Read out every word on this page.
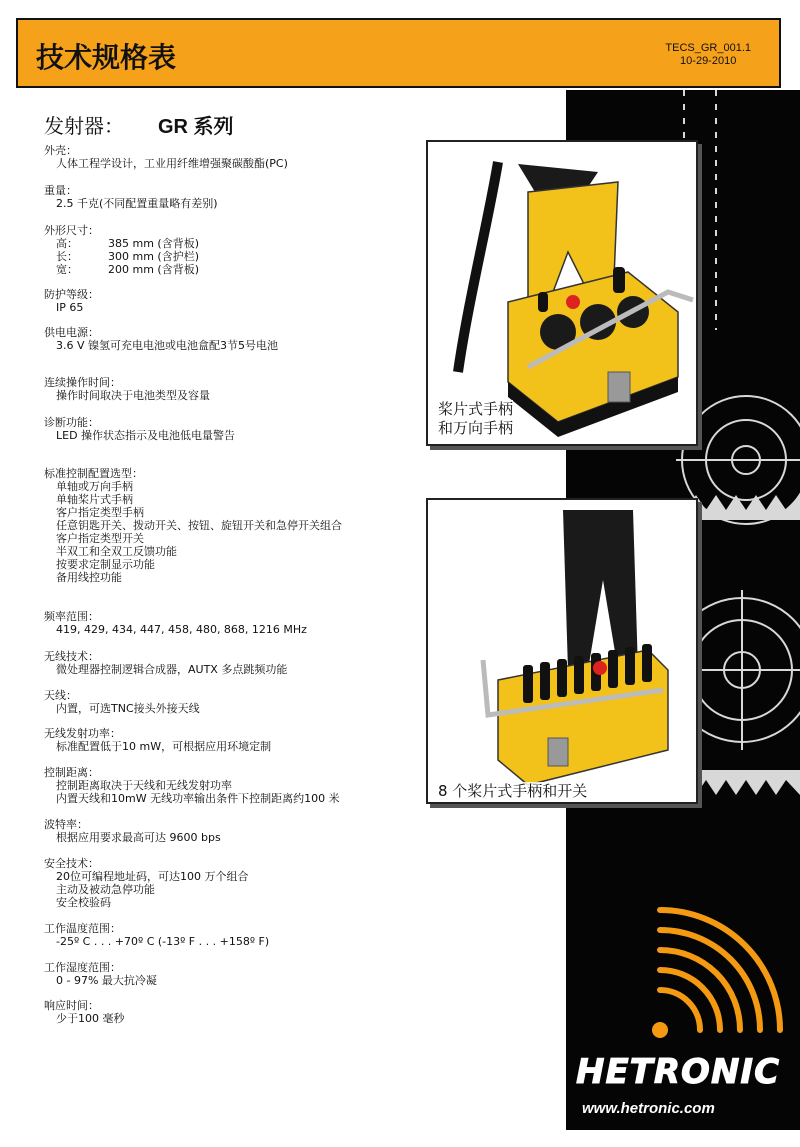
技术规格表	TECS_GR_001.1
10-29-2010
发射器： GR 系列
外壳：
人体工程学设计，工业用纤维增强聚碳酸酯(PC)
重量：
2.5 千克(不同配置重量略有差别)
外形尺寸：
高：	385 mm (含背板)
长：	300 mm (含护栏)
宽：	200 mm (含背板)
防护等级：
IP 65
供电电源：
3.6 V 镍氢可充电电池或电池盒配3节5号电池
连续操作时间：
操作时间取决于电池类型及容量
诊断功能：
LED 操作状态指示及电池低电量警告
标准控制配置选型：
单轴或万向手柄
单轴桨片式手柄
客户指定类型手柄
任意钥匙开关、拨动开关、按钮、旋钮开关和急停开关组合
客户指定类型开关
半双工和全双工反馈功能
按要求定制显示功能
备用线控功能
频率范围：
419, 429, 434, 447, 458, 480, 868, 1216 MHz
无线技术：
微处理器控制逻辑合成器，AUTX 多点跳频功能
天线：
内置，可选TNC接头外接天线
无线发射功率：
标准配置低于10 mW，可根据应用环境定制
控制距离：
控制距离取决于天线和无线发射功率
内置天线和10mW 无线功率输出条件下控制距离约100 米
波特率：
根据应用要求最高可达 9600 bps
安全技术：
20位可编程地址码，可达100 万个组合
主动及被动急停功能
安全校验码
工作温度范围：
-25º C . . . +70º C (-13º F . . . +158º F)
工作湿度范围：
0 - 97% 最大抗冷凝
响应时间：
少于100 毫秒
桨片式手柄
和万向手柄
8 个桨片式手柄和开关
HETRONIC
www.hetronic.com
